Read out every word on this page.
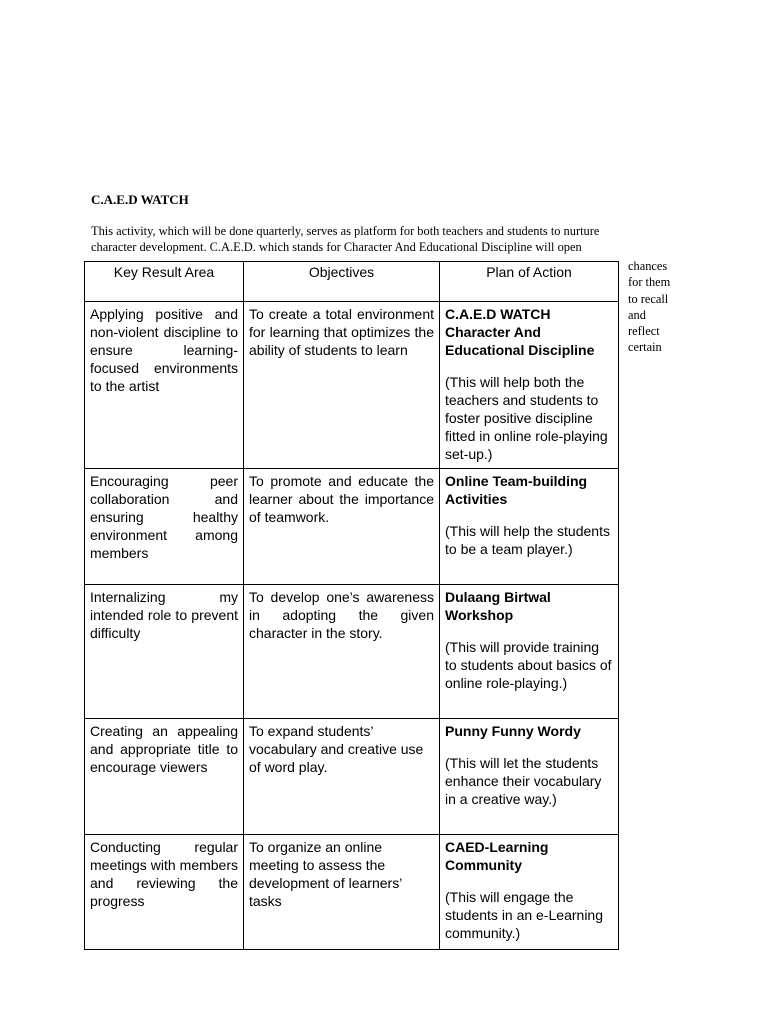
C.A.E.D WATCH
This activity, which will be done quarterly, serves as platform for both teachers and students to nurture
character development. C.A.E.D. which stands for Character And Educational Discipline will open
chances
for them
to recall
and
reflect
certain
Key Result Area	Objectives	Plan of Action
Applying positive and non-violent discipline to ensure learning-focused environments to the artist	To create a total environment for learning that optimizes the ability of students to learn	C.A.E.D WATCH Character And Educational Discipline
(This will help both the teachers and students to foster positive discipline fitted in online role-playing set-up.)

Encouraging peer collaboration and ensuring healthy environment among members	To promote and educate the learner about the importance of teamwork.	Online Team-building Activities
(This will help the students to be a team player.)

Internalizing my intended role to prevent difficulty	To develop one’s awareness in adopting the given character in the story.	Dulaang Birtwal Workshop
(This will provide training to students about basics of online role-playing.)

Creating an appealing and appropriate title to encourage viewers	To expand students’ vocabulary and creative use of word play.	Punny Funny Wordy
(This will let the students enhance their vocabulary in a creative way.)

Conducting regular meetings with members and reviewing the progress	To organize an online meeting to assess the development of learners’ tasks	CAED-Learning Community
(This will engage the students in an e-Learning community.)
